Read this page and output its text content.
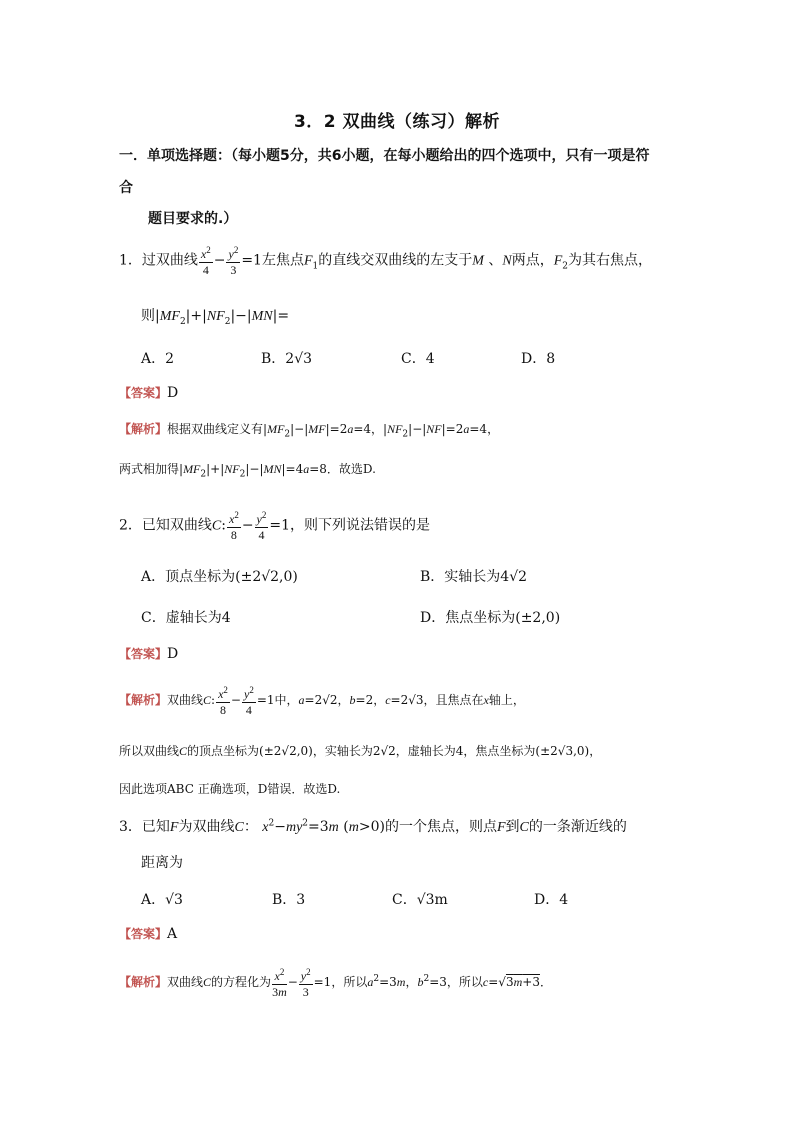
3．2 双曲线（练习）解析
一．单项选择题：（每小题5分，共6小题，在每小题给出的四个选项中，只有一项是符
合
题目要求的.）
1．过双曲线 $\frac{x^2}{4} - \frac{y^2}{3} =1$左焦点$F_1$的直线交双曲线的左支于M 、N两点，$F_2$为其右焦点，
则$|MF_2|+|NF_2|-|MN|=$
A．2	B．2√3	C．4	D．8
【答案】D
【解析】根据双曲线定义有$|MF_2|-|MF|=2a=4$，$|NF_2|-|NF|=2a=4$，
两式相加得$|MF_2|+|NF_2|-|MN|=4a=8$．故选D.
2．已知双曲线C: $\frac{x^2}{8} - \frac{y^2}{4} =1$，则下列说法错误的是
A．顶点坐标为(±2√2,0)	B．实轴长为4√2
C．虚轴长为4	D．焦点坐标为(±2,0)
【答案】D
【解析】双曲线C: $\frac{x^2}{8} - \frac{y^2}{4} =1$中，a=2√2，b=2，c=2√3，且焦点在x轴上，
所以双曲线C的顶点坐标为(±2√2,0)，实轴长为2√2，虚轴长为4，焦点坐标为(±2√3,0)，
因此选项ABC 正确选项，D错误．故选D.
3．已知F为双曲线C： $x^2-my^2=3m$ (m>0)的一个焦点，则点F到C的一条渐近线的
距离为
A．√3	B．3	C．√3m	D．4
【答案】A
【解析】双曲线C的方程化为 $\frac{x^2}{3m} - \frac{y^2}{3} =1$，所以$a^2=3m$，$b^2=3$，所以c=√3m+3．
